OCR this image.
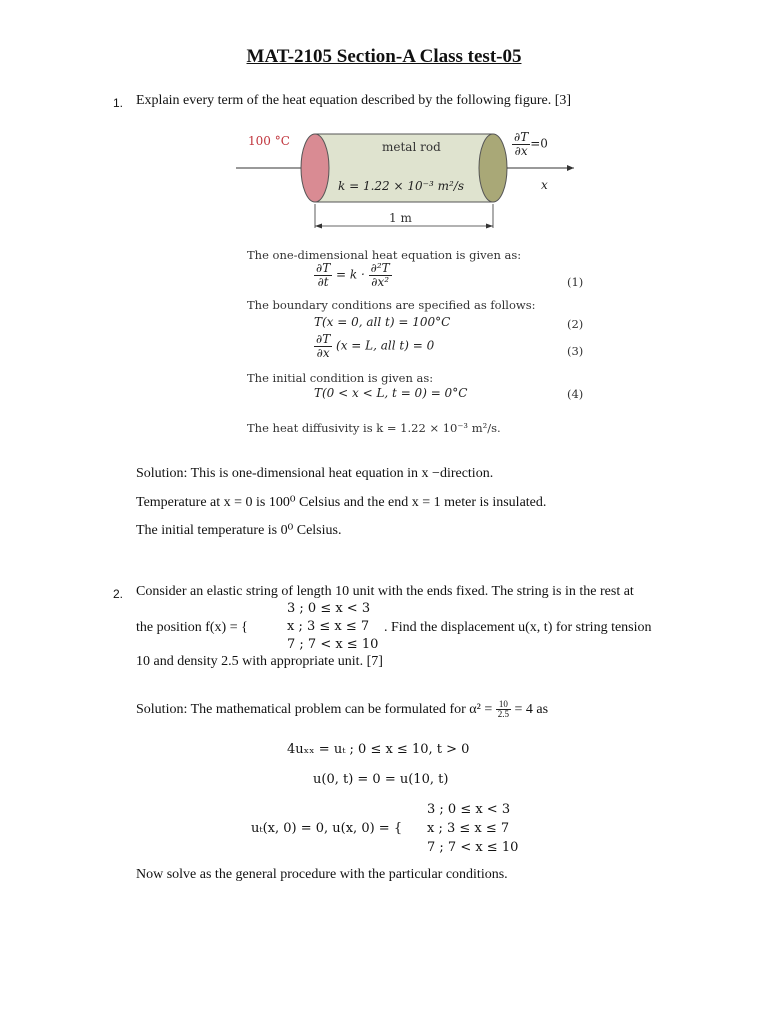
MAT-2105 Section-A Class test-05
1. Explain every term of the heat equation described by the following figure. [3]
100 °C	metal rod
k = 1.22 × 10⁻³ m²/s
$\frac{\partial T}{\partial x} =0$
x
1 m
The one-dimensional heat equation is given as:
$\frac{\partial T}{\partial t} = k \cdot \frac{\text{∂²T}}{\text{∂x²}}$	(1)
The boundary conditions are specified as follows:
T(x = 0, all t) = 100°C	(2)
$\frac{\partial T}{\partial x} (x = L$, all t) = 0	(3)
The initial condition is given as:
T(0 < x < L, t = 0) = 0°C	(4)
The heat diffusivity is k = 1.22 × 10⁻³ m²/s.
Solution: This is one-dimensional heat equation in x −direction.
Temperature at x = 0 is 100⁰ Celsius and the end x = 1 meter is insulated.
The initial temperature is 0⁰ Celsius.
2. Consider an elastic string of length 10 unit with the ends fixed. The string is in the rest at
3 ; 0 ≤ x < 3
the position f(x) = {	x ; 3 ≤ x ≤ 7 . Find the displacement u(x, t) for string tension
7 ; 7 < x ≤ 10
10 and density 2.5 with appropriate unit. [7]
Solution: The mathematical problem can be formulated for $\alpha^2 = \frac{10}{2.5} = 4$ as
4uₓₓ = uₜ ; 0 ≤ x ≤ 10, t > 0
u(0, t) = 0 = u(10, t)
3 ; 0 ≤ x < 3
uₜ(x, 0) = 0, u(x, 0) = { x ; 3 ≤ x ≤ 7
7 ; 7 < x ≤ 10
Now solve as the general procedure with the particular conditions.
